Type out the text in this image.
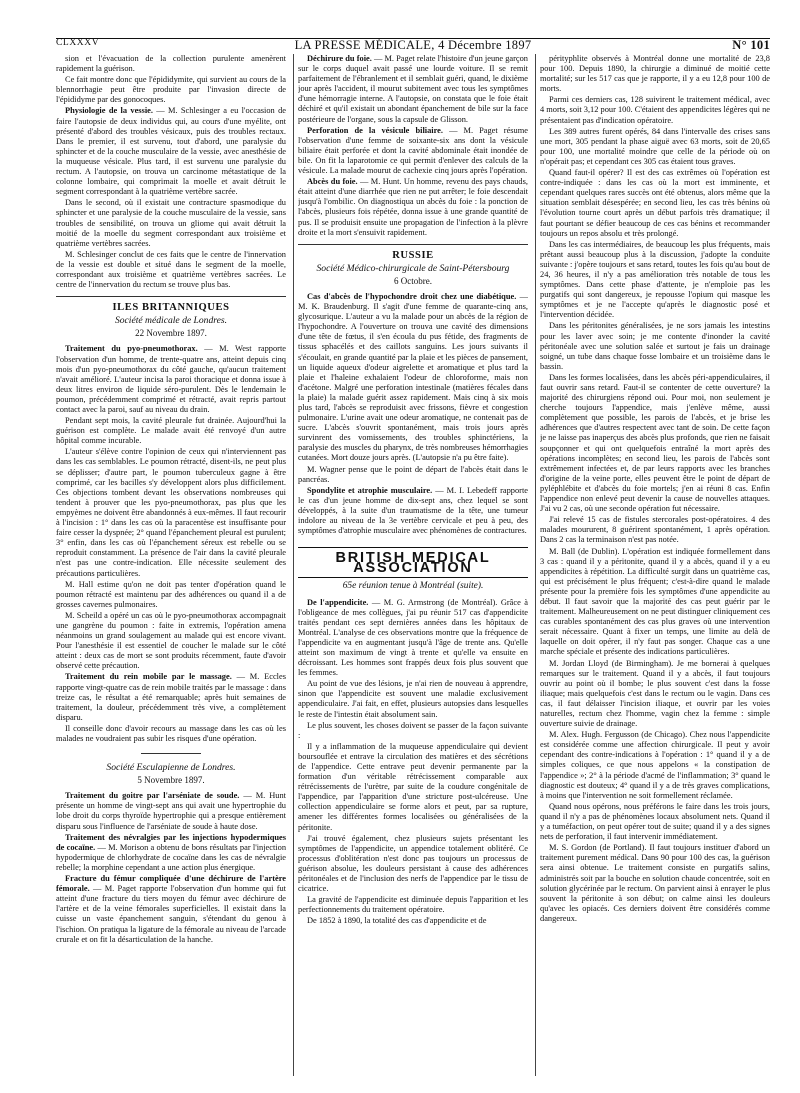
CLXXXV	LA PRESSE MÉDICALE, 4 Décembre 1897	N° 101

sion et l'évacuation de la collection purulente amenèrent rapidement la guérison.

Ce fait montre donc que l'épididymite, qui survient au cours de la blennorrhagie peut être produite par l'invasion directe de l'épididyme par des gonocoques.

Physiologie de la vessie. — M. Schlesinger a eu l'occasion de faire l'autopsie de deux individus qui, au cours d'une myélite, ont présenté d'abord des troubles vésicaux, puis des troubles rectaux. Dans le premier, il est survenu, tout d'abord, une paralysie du sphincter et de la couche musculaire de la vessie, avec anesthésie de la muqueuse vésicale. Plus tard, il est survenu une paralysie du rectum. A l'autopsie, on trouva un carcinome métastatique de la colonne lombaire, qui comprimait la moelle et avait détruit le segment correspondant à la quatrième vertèbre sacrée.

Dans le second, où il existait une contracture spasmodique du sphincter et une paralysie de la couche musculaire de la vessie, sans troubles de sensibilité, on trouva un gliome qui avait détruit la moitié de la moelle du segment correspondant aux troisième et quatrième vertèbres sacrées.

M. Schlesinger conclut de ces faits que le centre de l'innervation de la vessie est double et situé dans le segment de la moelle, correspondant aux troisième et quatrième vertèbres sacrées. Le centre de l'innervation du rectum se trouve plus bas.

ILES BRITANNIQUES
Société médicale de Londres.
22 Novembre 1897.

Traitement du pyo-pneumothorax. — M. West rapporte l'observation d'un homme, de trente-quatre ans, atteint depuis cinq mois d'un pyo-pneumothorax du côté gauche, qu'aucun traitement n'avait amélioré. L'auteur incisa la paroi thoracique et donna issue à deux litres environ de liquide séro-purulent. Dès le lendemain le poumon, précédemment comprimé et rétracté, avait repris partout contact avec la paroi, sauf au niveau du drain.

Pendant sept mois, la cavité pleurale fut drainée. Aujourd'hui la guérison est complète. Le malade avait été renvoyé d'un autre hôpital comme incurable.

L'auteur s'élève contre l'opinion de ceux qui n'interviennent pas dans les cas semblables. Le poumon rétracté, disent-ils, ne peut plus se déplisser; d'autre part, le poumon tuberculeux gagne à être comprimé, car les bacilles s'y développent alors plus difficilement. Ces objections tombent devant les observations nombreuses qui tendent à prouver que les pyo-pneumothorax, pas plus que les empyèmes ne doivent être abandonnés à eux-mêmes. Il faut recourir à l'incision : 1° dans les cas où la paracentèse est insuffisante pour faire cesser la dyspnée; 2° quand l'épanchement pleural est purulent; 3° enfin, dans les cas où l'épanchement séreux est rebelle ou se reproduit constamment. La présence de l'air dans la cavité pleurale n'est pas une contre-indication. Elle nécessite seulement des précautions particulières.

M. Hall estime qu'on ne doit pas tenter d'opération quand le poumon rétracté est maintenu par des adhérences ou quand il a de grosses cavernes pulmonaires.

M. Scheild a opéré un cas où le pyo-pneumothorax accompagnait une gangrène du poumon : faite in extremis, l'opération amena néanmoins un grand soulagement au malade qui est encore vivant. Pour l'anesthésie il est essentiel de coucher le malade sur le côté atteint : deux cas de mort se sont produits récemment, faute d'avoir observé cette précaution.

Traitement du rein mobile par le massage. — M. Eccles rapporte vingt-quatre cas de rein mobile traités par le massage : dans treize cas, le résultat a été remarquable; après huit semaines de traitement, la douleur, précédemment très vive, a complètement disparu.

Il conseille donc d'avoir recours au massage dans les cas où les malades ne voudraient pas subir les risques d'une opération.

Société Esculapienne de Londres.
5 Novembre 1897.

Traitement du goitre par l'arséniate de soude. — M. Hunt présente un homme de vingt-sept ans qui avait une hypertrophie du lobe droit du corps thyroïde hypertrophie qui a presque entièrement disparu sous l'influence de l'arséniate de soude à haute dose.

Traitement des névralgies par les injections hypodermiques de cocaïne. — M. Morison a obtenu de bons résultats par l'injection hypodermique de chlorhydrate de cocaïne dans les cas de névralgie rebelle; la morphine cependant a une action plus énergique.

Fracture du fémur compliquée d'une déchirure de l'artère fémorale. — M. Paget rapporte l'observation d'un homme qui fut atteint d'une fracture du tiers moyen du fémur avec déchirure de l'artère et de la veine fémorales superficielles. Il existait dans la cuisse un vaste épanchement sanguin, s'étendant du genou à l'ischion. On pratiqua la ligature de la fémorale au niveau de l'arcade crurale et on fit la désarticulation de la hanche.

Déchirure du foie. — M. Paget relate l'histoire d'un jeune garçon sur le corps duquel avait passé une lourde voiture. Il se remit parfaitement de l'ébranlement et il semblait guéri, quand, le dixième jour après l'accident, il mourut subitement avec tous les symptômes d'une hémorragie interne. A l'autopsie, on constata que le foie était déchiré et qu'il existait un abondant épanchement de bile sur la face postérieure de l'organe, sous la capsule de Glisson.

Perforation de la vésicule biliaire. — M. Paget résume l'observation d'une femme de soixante-six ans dont la vésicule biliaire était perforée et dont la cavité abdominale était inondée de bile. On fit la laparotomie ce qui permit d'enlever des calculs de la vésicule. La malade mourut de cachexie cinq jours après l'opération.

Abcès du foie. — M. Hunt. Un homme, revenu des pays chauds, était atteint d'une diarrhée que rien ne put arrêter; le foie descendait jusqu'à l'ombilic. On diagnostiqua un abcès du foie : la ponction de l'abcès, plusieurs fois répétée, donna issue à une grande quantité de pus. Il se produisit ensuite une propagation de l'infection à la plèvre droite et la mort s'ensuivit rapidement.

RUSSIE
Société Médico-chirurgicale de Saint-Pétersbourg
6 Octobre.

Cas d'abcès de l'hypochondre droit chez une diabétique. — M. K. Braudenburg. Il s'agit d'une femme de quarante-cinq ans, glycosurique. L'auteur a vu la malade pour un abcès de la région de l'hypochondre. A l'ouverture on trouva une cavité des dimensions d'une tête de fœtus, il s'en écoula du pus fétide, des fragments de tissus sphacélés et des caillots sanguins. Les jours suivants il s'écoulait, en grande quantité par la plaie et les pièces de pansement, un liquide aqueux d'odeur aigrelette et aromatique et plus tard la plaie et l'haleine exhalaient l'odeur de chloroforme, mais non d'acétone. Malgré une perforation intestinale (matières fécales dans la plaie) la malade guérit assez rapidement. Mais cinq à six mois plus tard, l'abcès se reproduisit avec frissons, fièvre et congestion pulmonaire. L'urine avait une odeur aromatique, ne contenait pas de sucre. L'abcès s'ouvrit spontanément, mais trois jours après survinrent des vomissements, des troubles sphinctériens, la paralysie des muscles du pharynx, de très nombreuses hémorrhagies cutanées. Mort douze jours après. (L'autopsie n'a pu être faite).

M. Wagner pense que le point de départ de l'abcès était dans le pancréas.

Spondylite et atrophie musculaire. — M. I. Lebedeff rapporte le cas d'un jeune homme de dix-sept ans, chez lequel se sont développés, à la suite d'un traumatisme de la tête, une tumeur indolore au niveau de la 3e vertèbre cervicale et peu à peu, des symptômes d'atrophie musculaire avec phénomènes de contractures.

BRITISH MEDICAL ASSOCIATION
65e réunion tenue à Montréal (suite).

De l'appendicite. — M. G. Armstrong (de Montréal). Grâce à l'obligeance de mes collègues, j'ai pu réunir 517 cas d'appendicite traités pendant ces sept dernières années dans les hôpitaux de Montréal. L'analyse de ces observations montre que la fréquence de l'appendicite va en augmentant jusqu'à l'âge de trente ans. Qu'elle atteint son maximum de vingt à trente et qu'elle va ensuite en décroissant. Les hommes sont frappés deux fois plus souvent que les femmes.

Au point de vue des lésions, je n'ai rien de nouveau à apprendre, sinon que l'appendicite est souvent une maladie exclusivement appendiculaire. J'ai fait, en effet, plusieurs autopsies dans lesquelles le reste de l'intestin était absolument sain.

Le plus souvent, les choses doivent se passer de la façon suivante :

Il y a inflammation de la muqueuse appendiculaire qui devient boursouflée et entrave la circulation des matières et des sécrétions de l'appendice. Cette entrave peut devenir permanente par la formation d'un véritable rétrécissement comparable aux rétrécissements de l'urètre, par suite de la coudure congénitale de l'appendice, par l'apparition d'une stricture post-ulcéreuse. Une collection appendiculaire se forme alors et peut, par sa rupture, amener les différentes formes localisées ou généralisées de la péritonite.

J'ai trouvé également, chez plusieurs sujets présentant les symptômes de l'appendicite, un appendice totalement oblitéré. Ce processus d'oblitération n'est donc pas toujours un processus de guérison absolue, les douleurs persistant à cause des adhérences péritonéales et de l'inclusion des nerfs de l'appendice par le tissu de cicatrice.

La gravité de l'appendicite est diminuée depuis l'apparition et les perfectionnements du traitement opératoire.

De 1852 à 1890, la totalité des cas d'appendicite et de

pérityphlite observés à Montréal donne une mortalité de 23,8 pour 100. Depuis 1890, la chirurgie a diminué de moitié cette mortalité; sur les 517 cas que je rapporte, il y a eu 12,8 pour 100 de morts.

Parmi ces derniers cas, 128 suivirent le traitement médical, avec 4 morts, soit 3,12 pour 100. C'étaient des appendicites légères qui ne présentaient pas d'indication opératoire.

Les 389 autres furent opérés, 84 dans l'intervalle des crises sans une mort, 305 pendant la phase aiguë avec 63 morts, soit de 20,65 pour 100, une mortalité moindre que celle de la période où on n'opérait pas; et cependant ces 305 cas étaient tous graves.

Quand faut-il opérer? Il est des cas extrêmes où l'opération est contre-indiquée : dans les cas où la mort est imminente, et cependant quelques rares succès ont été obtenus, alors même que la situation semblait désespérée; en second lieu, les cas très bénins où l'évolution tourne court après un début parfois très dramatique; il faut pourtant se défier beaucoup de ces cas bénins et recommander toujours un repos absolu et très prolongé.

Dans les cas intermédiaires, de beaucoup les plus fréquents, mais prêtant aussi beaucoup plus à la discussion, j'adopte la conduite suivante : j'opère toujours et sans retard, toutes les fois qu'au bout de 24, 36 heures, il n'y a pas amélioration très notable de tous les symptômes. Dans cette phase d'attente, je n'emploie pas les purgatifs qui sont dangereux, je repousse l'opium qui masque les symptômes et je ne l'accepte qu'après le diagnostic posé et l'intervention décidée.

Dans les péritonites généralisées, je ne sors jamais les intestins pour les laver avec soin; je me contente d'inonder la cavité péritonéale avec une solution salée et surtout je fais un drainage soigné, un tube dans chaque fosse lombaire et un troisième dans le bassin.

Dans les formes localisées, dans les abcès péri-appendiculaires, il faut ouvrir sans retard. Faut-il se contenter de cette ouverture? la majorité des chirurgiens répond oui. Pour moi, non seulement je cherche toujours l'appendice, mais j'enlève même, aussi complètement que possible, les parois de l'abcès, et je brise les adhérences que d'autres respectent avec tant de soin. De cette façon je ne laisse pas inaperçus des abcès plus profonds, que rien ne faisait soupçonner et qui ont quelquefois entraîné la mort après des opérations incomplètes; en second lieu, les parois de l'abcès sont extrêmement infectées et, de par leurs rapports avec les branches d'origine de la veine porte, elles peuvent être le point de départ de pyléphlébite et d'abcès du foie mortels; j'en ai réuni 8 cas. Enfin l'appendice non enlevé peut devenir la cause de nouvelles attaques. J'ai vu 2 cas, où une seconde opération fut nécessaire.

J'ai relevé 15 cas de fistules stercorales post-opératoires. 4 des malades moururent, 8 guérirent spontanément, 1 après opération. Dans 2 cas la terminaison n'est pas notée.

M. Ball (de Dublin). L'opération est indiquée formellement dans 3 cas : quand il y a péritonite, quand il y a abcès, quand il y a eu appendicites à répétition. La difficulté surgit dans un quatrième cas, qui est précisément le plus fréquent; c'est-à-dire quand le malade présente pour la première fois les symptômes d'une appendicite au début. Il faut savoir que la majorité des cas peut guérir par le traitement. Malheureusement on ne peut distinguer cliniquement ces cas curables spontanément des cas plus graves où une intervention serait nécessaire. Quant à fixer un temps, une limite au delà de laquelle on doit opérer, il n'y faut pas songer. Chaque cas a une marche spéciale et présente des indications particulières.

M. Jordan Lloyd (de Birmingham). Je me bornerai à quelques remarques sur le traitement. Quand il y a abcès, il faut toujours ouvrir au point où il bombe; le plus souvent c'est dans la fosse iliaque; mais quelquefois c'est dans le rectum ou le vagin. Dans ces cas, il faut délaisser l'incision iliaque, et ouvrir par les voies naturelles, rectum chez l'homme, vagin chez la femme : simple ouverture suivie de drainage.

M. Alex. Hugh. Fergusson (de Chicago). Chez nous l'appendicite est considérée comme une affection chirurgicale. Il peut y avoir cependant des contre-indications à l'opération : 1° quand il y a de simples coliques, ce que nous appelons « la constipation de l'appendice »; 2° à la période d'acmé de l'inflammation; 3° quand le diagnostic est douteux; 4° quand il y a de très graves complications, à moins que l'intervention ne soit formellement réclamée.

Quand nous opérons, nous préférons le faire dans les trois jours, quand il n'y a pas de phénomènes locaux absolument nets. Quand il y a tuméfaction, on peut opérer tout de suite; quand il y a des signes nets de perforation, il faut intervenir immédiatement.

M. S. Gordon (de Portland). Il faut toujours instituer d'abord un traitement purement médical. Dans 90 pour 100 des cas, la guérison sera ainsi obtenue. Le traitement consiste en purgatifs salins, administrés soit par la bouche en solution chaude concentrée, soit en solution glycérinée par le rectum. On parvient ainsi à enrayer le plus souvent la péritonite à son début; on calme ainsi les douleurs qu'avec les opiacés. Ces derniers doivent être considérés comme dangereux.
